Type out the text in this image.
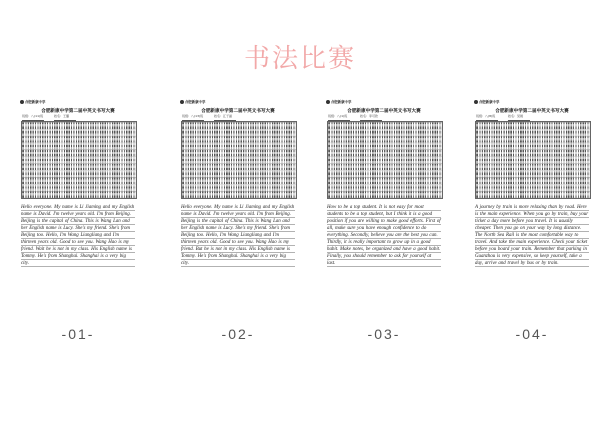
书法比赛
合肥新康中学
合肥新康中学第二届中英文书写大赛
班级：八(11)班	姓名：王璐

Hello everyone. My name is Li Jiaming and my English name is David. I'm twelve years old. I'm from Beijing. Beijing is the capital of China. This is Wang Lan and her English name is Lucy. She's my friend. She's from Beijing too. Hello, I'm Wang Liangliang and I'm thirteen years old. Good to see you. Wang Hao is my friend. Wait he is not in my class. His English name is Tommy. He's from Shanghai. Shanghai is a very big city.

合肥新康中学
合肥新康中学第二届中英文书写大赛
班级：八(13)班	姓名：江子涵

Hello everyone. My name is Li Jiaming and my English name is David. I'm twelve years old. I'm from Beijing. Beijing is the capital of China. This is Wang Lan and her English name is Lucy. She's my friend. She's from Beijing too. Hello, I'm Wang Liangliang and I'm thirteen years old. Good to see you. Wang Hao is my friend. But he is not in my class. His English name is Tommy. He's from Shanghai. Shanghai is a very big city.

合肥新康中学
合肥新康中学第二届中英文书写大赛
班级：八(1)班	姓名：李可欣

How to be a top student. It is not easy for most students to be a top student, but I think it is a good position if you are willing to make good efforts. First of all, make sure you have enough confidence to do everything. Secondly, believe you are the best you can. Thirdly, it is really important to grow up in a good habit. Make notes, be organized and have a good habit. Finally, you should remember to ask for yourself at last.

合肥新康中学
合肥新康中学第二届中英文书写大赛
班级：八(8)班	姓名：吴晨

A journey by train is more relaxing than by road. Here is the main experience. When you go by train, buy your ticket a day more before you travel. It is usually cheaper. Then you go on your way by long distance. The North Sea Rail is the most comfortable way to travel. And take the main experience. Check your ticket before you board your train. Remember that parking in Guanzhou is very expensive, so keep yourself, take a day, arrive and travel by bus or by train.

-01-	-02-	-03-	-04-
